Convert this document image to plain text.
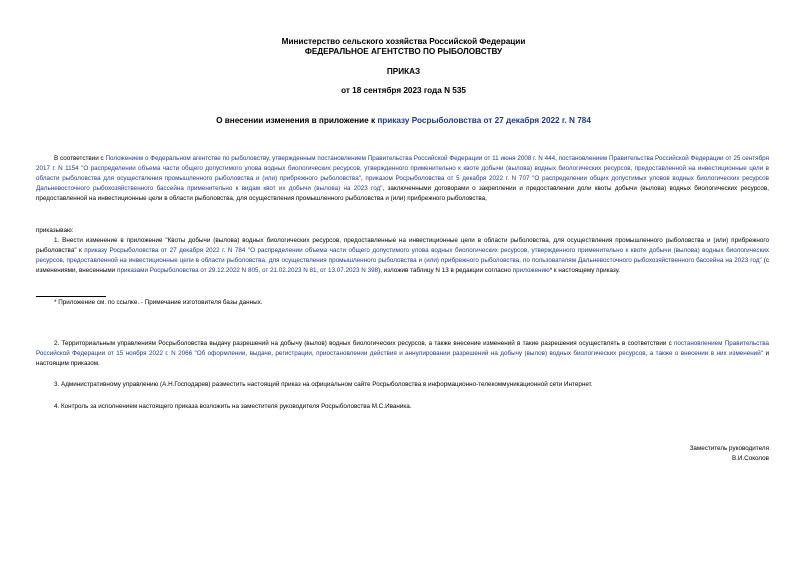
Министерство сельского хозяйства Российской Федерации
ФЕДЕРАЛЬНОЕ АГЕНТСТВО ПО РЫБОЛОВСТВУ
ПРИКАЗ
от 18 сентября 2023 года N 535
О внесении изменения в приложение к приказу Росрыболовства от 27 декабря 2022 г. N 784
В соответствии с Положением о Федеральном агентстве по рыболовству, утвержденным постановлением Правительства Российской Федерации от 11 июня 2008 г. N 444, постановлением Правительства Российской Федерации от 25 сентября 2017 г. N 1154 "О распределении объема части общего допустимого улова водных биологических ресурсов, утвержденного применительно к квоте добычи (вылова) водных биологических ресурсов, предоставленной на инвестиционные цели в области рыболовства для осуществления промышленного рыболовства и (или) прибрежного рыболовства", приказом Росрыболовства от 5 декабря 2022 г. N 707 "О распределении общих допустимых уловов водных биологических ресурсов Дальневосточного рыбохозяйственного бассейна применительно к видам квот их добычи (вылова) на 2023 год", заключенными договорами о закреплении и предоставлении доли квоты добычи (вылова) водных биологических ресурсов, предоставленной на инвестиционные цели в области рыболовства, для осуществления промышленного рыболовства и (или) прибрежного рыболовства,
приказываю:
1. Внести изменение в приложение "Квоты добычи (вылова) водных биологических ресурсов, предоставленные на инвестиционные цели в области рыболовства, для осуществления промышленного рыболовства и (или) прибрежного рыболовства" к приказу Росрыболовства от 27 декабря 2022 г. N 784 "О распределении объема части общего допустимого улова водных биологических ресурсов, утвержденного применительно к квоте добычи (вылова) водных биологических ресурсов, предоставленной на инвестиционные цели в области рыболовства, для осуществления промышленного рыболовства и (или) прибрежного рыболовства, по пользователям Дальневосточного рыбохозяйственного бассейна на 2023 год" (с изменениями, внесенными приказами Росрыболовства от 29.12.2022 N 805, от 21.02.2023 N 81, от 13.07.2023 N 398), изложив таблицу N 13 в редакции согласно приложению* к настоящему приказу.
* Приложение см. по ссылке. - Примечание изготовителя базы данных.
2. Территориальным управлениям Росрыболовства выдачу разрешений на добычу (вылов) водных биологических ресурсов, а также внесение изменений в такие разрешения осуществлять в соответствии с постановлением Правительства Российской Федерации от 15 ноября 2022 г. N 2066 "Об оформлении, выдаче, регистрации, приостановлении действия и аннулировании разрешений на добычу (вылов) водных биологических ресурсов, а также о внесении в них изменений" и настоящим приказом.
3. Административному управлению (А.Н.Господарев) разместить настоящий приказ на официальном сайте Росрыболовства в информационно-телекоммуникационной сети Интернет.
4. Контроль за исполнением настоящего приказа возложить на заместителя руководителя Росрыболовства М.С.Иваника.
Заместитель руководителя
В.И.Соколов
